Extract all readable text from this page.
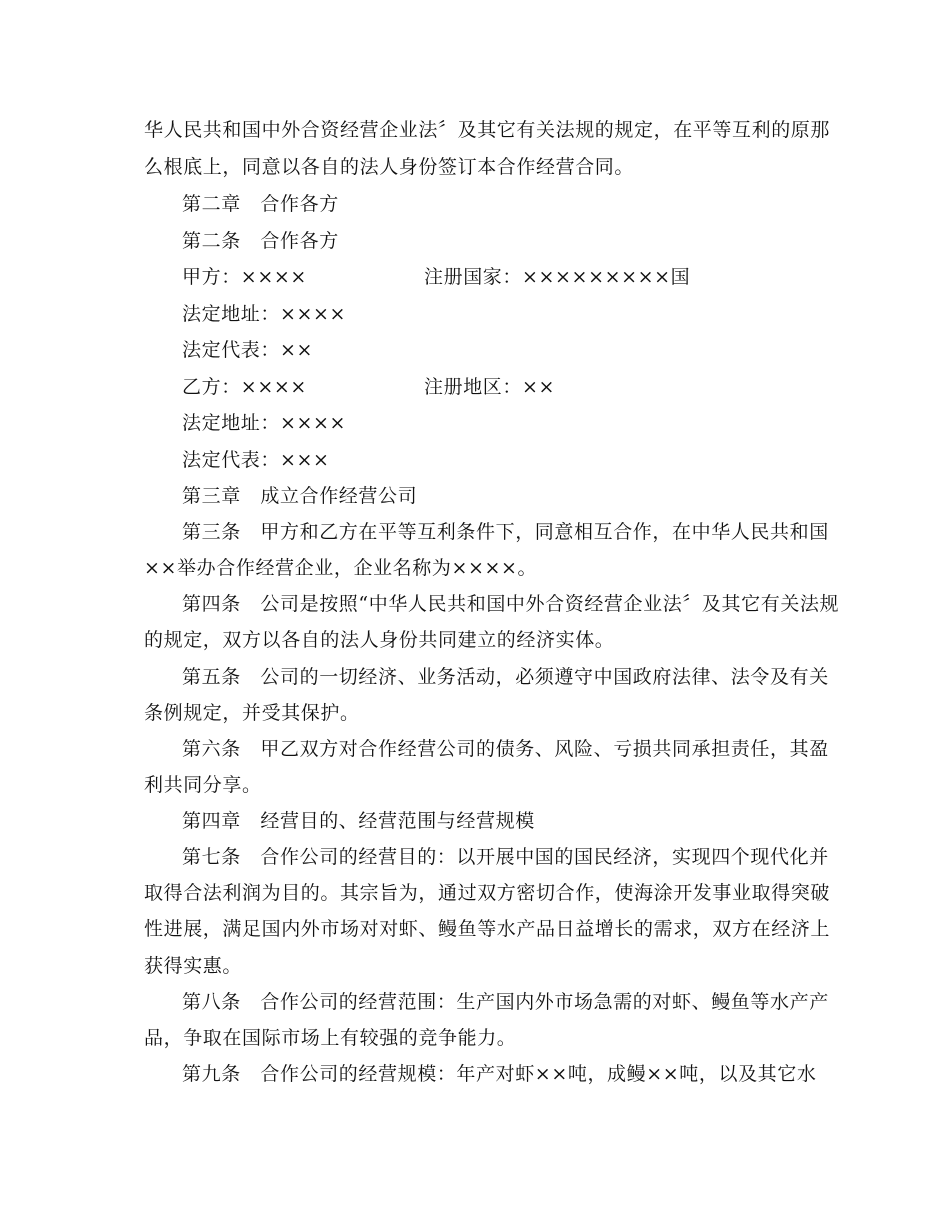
华人民共和国中外合资经营企业法〞及其它有关法规的规定，在平等互利的原那
么根底上，同意以各自的法人身份签订本合作经营合同。
第二章　合作各方
第二条　合作各方
甲方：××××	注册国家：×××××××××国
法定地址：××××
法定代表：××
乙方：××××	注册地区：××
法定地址：××××
法定代表：×××
第三章　成立合作经营公司
第三条　甲方和乙方在平等互利条件下，同意相互合作，在中华人民共和国
××举办合作经营企业，企业名称为××××。
第四条　公司是按照“中华人民共和国中外合资经营企业法〞及其它有关法规
的规定，双方以各自的法人身份共同建立的经济实体。
第五条　公司的一切经济、业务活动，必须遵守中国政府法律、法令及有关
条例规定，并受其保护。
第六条　甲乙双方对合作经营公司的债务、风险、亏损共同承担责任，其盈
利共同分享。
第四章　经营目的、经营范围与经营规模
第七条　合作公司的经营目的：以开展中国的国民经济，实现四个现代化并
取得合法利润为目的。其宗旨为，通过双方密切合作，使海涂开发事业取得突破
性进展，满足国内外市场对对虾、鳗鱼等水产品日益增长的需求，双方在经济上
获得实惠。
第八条　合作公司的经营范围：生产国内外市场急需的对虾、鳗鱼等水产产
品，争取在国际市场上有较强的竞争能力。
第九条　合作公司的经营规模：年产对虾××吨，成鳗××吨，以及其它水
